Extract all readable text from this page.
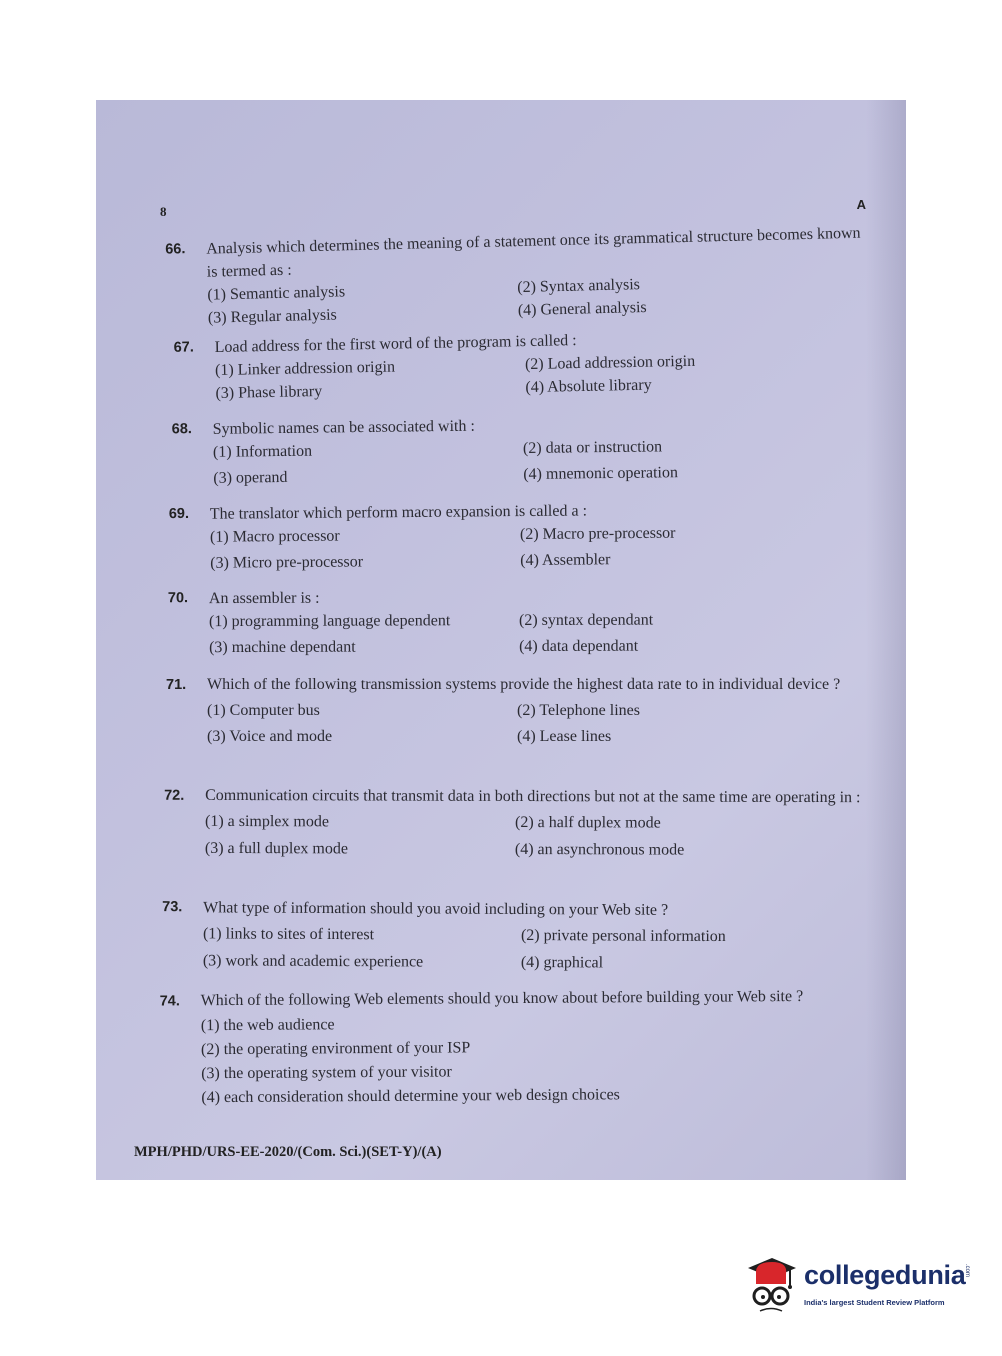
8	A
66.	Analysis which determines the meaning of a statement once its grammatical structure becomes known is termed as :
(1) Semantic analysis	(2) Syntax analysis
(3) Regular analysis	(4) General analysis
67.	Load address for the first word of the program is called :
(1) Linker addression origin	(2) Load addression origin
(3) Phase library	(4) Absolute library
68.	Symbolic names can be associated with :
(1) Information	(2) data or instruction
(3) operand	(4) mnemonic operation
69.	The translator which perform macro expansion is called a :
(1) Macro processor	(2) Macro pre-processor
(3) Micro pre-processor	(4) Assembler
70.	An assembler is :
(1) programming language dependent	(2) syntax dependant
(3) machine dependant	(4) data dependant
71.	Which of the following transmission systems provide the highest data rate to in individual device ?
(1) Computer bus	(2) Telephone lines
(3) Voice and mode	(4) Lease lines
72.	Communication circuits that transmit data in both directions but not at the same time are operating in :
(1) a simplex mode	(2) a half duplex mode
(3) a full duplex mode	(4) an asynchronous mode
73.	What type of information should you avoid including on your Web site ?
(1) links to sites of interest	(2) private personal information
(3) work and academic experience	(4) graphical
74.	Which of the following Web elements should you know about before building your Web site ?
(1) the web audience
(2) the operating environment of your ISP
(3) the operating system of your visitor
(4) each consideration should determine your web design choices
MPH/PHD/URS-EE-2020/(Com. Sci.)(SET-Y)/(A)
collegedunia
.com
India's largest Student Review Platform
